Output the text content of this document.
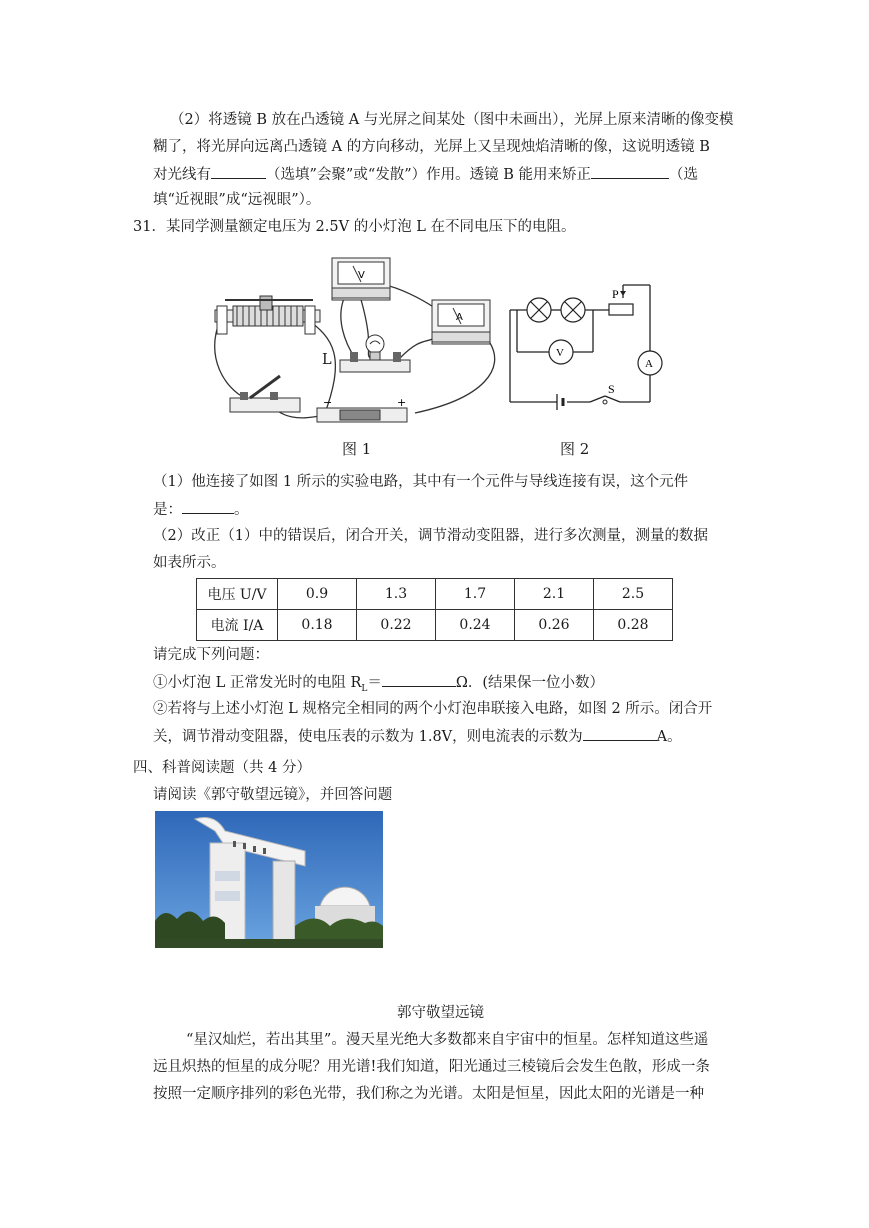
（2）将透镜 B 放在凸透镜 A 与光屏之间某处（图中未画出），光屏上原来清晰的像变模
糊了，将光屏向远离凸透镜 A 的方向移动，光屏上又呈现烛焰清晰的像，这说明透镜 B
对光线有	（选填”会聚”或“发散”）作用。透镜 B 能用来矫正	（选
填“近视眼”成“远视眼”）。
31．某同学测量额定电压为 2.5V 的小灯泡 L 在不同电压下的电阻。
V
A
−	+
L
图 1
P
S
V
A
图 2
（1）他连接了如图 1 所示的实验电路，其中有一个元件与导线连接有误，这个元件
是：	。
（2）改正（1）中的错误后，闭合开关，调节滑动变阻器，进行多次测量，测量的数据
如表所示。
电压 U/V	0.9	1.3	1.7	2.1	2.5
电流 I/A	0.18	0.22	0.24	0.26	0.28
请完成下列问题：
①小灯泡 L 正常发光时的电阻 $R_L=$	Ω．(结果保一位小数）
②若将与上述小灯泡 L 规格完全相同的两个小灯泡串联接入电路，如图 2 所示。闭合开
关，调节滑动变阻器，使电压表的示数为 1.8V，则电流表的示数为	A。
四、科普阅读题（共 4 分）
请阅读《郭守敬望远镜》，并回答问题
郭守敬望远镜
“星汉灿烂，若出其里”。漫天星光绝大多数都来自宇宙中的恒星。怎样知道这些遥
远且炽热的恒星的成分呢？用光谱!我们知道，阳光通过三棱镜后会发生色散，形成一条
按照一定顺序排列的彩色光带，我们称之为光谱。太阳是恒星，因此太阳的光谱是一种
